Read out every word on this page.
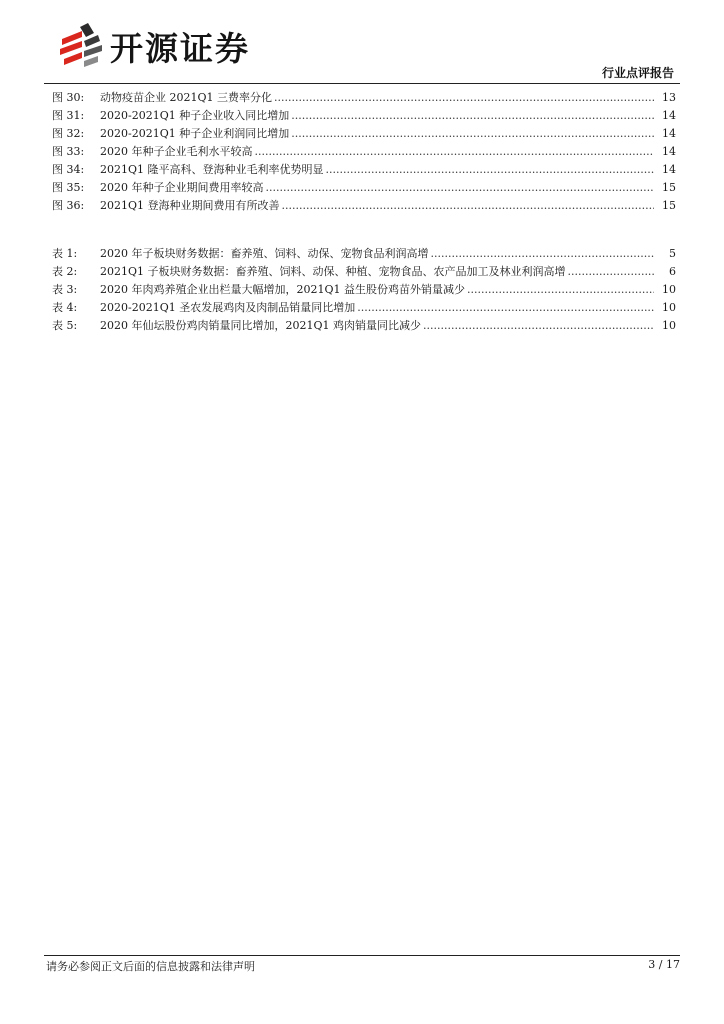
开源证券
行业点评报告
图 30: 动物疫苗企业 2021Q1 三费率分化 .....	13
图 31: 2020-2021Q1 种子企业收入同比增加 .....	14
图 32: 2020-2021Q1 种子企业利润同比增加 .....	14
图 33: 2020 年种子企业毛利水平较高 .....	14
图 34: 2021Q1 隆平高科、登海种业毛利率优势明显 .....	14
图 35: 2020 年种子企业期间费用率较高 .....	15
图 36: 2021Q1 登海种业期间费用有所改善 .....	15
表 1: 2020 年子板块财务数据：畜养殖、饲料、动保、宠物食品利润高增 .....	5
表 2: 2021Q1 子板块财务数据：畜养殖、饲料、动保、种植、宠物食品、农产品加工及林业利润高增 .....	6
表 3: 2020 年肉鸡养殖企业出栏量大幅增加，2021Q1 益生股份鸡苗外销量减少 .....	10
表 4: 2020-2021Q1 圣农发展鸡肉及肉制品销量同比增加 .....	10
表 5: 2020 年仙坛股份鸡肉销量同比增加，2021Q1 鸡肉销量同比减少 .....	10
请务必参阅正文后面的信息披露和法律声明	3 / 17
